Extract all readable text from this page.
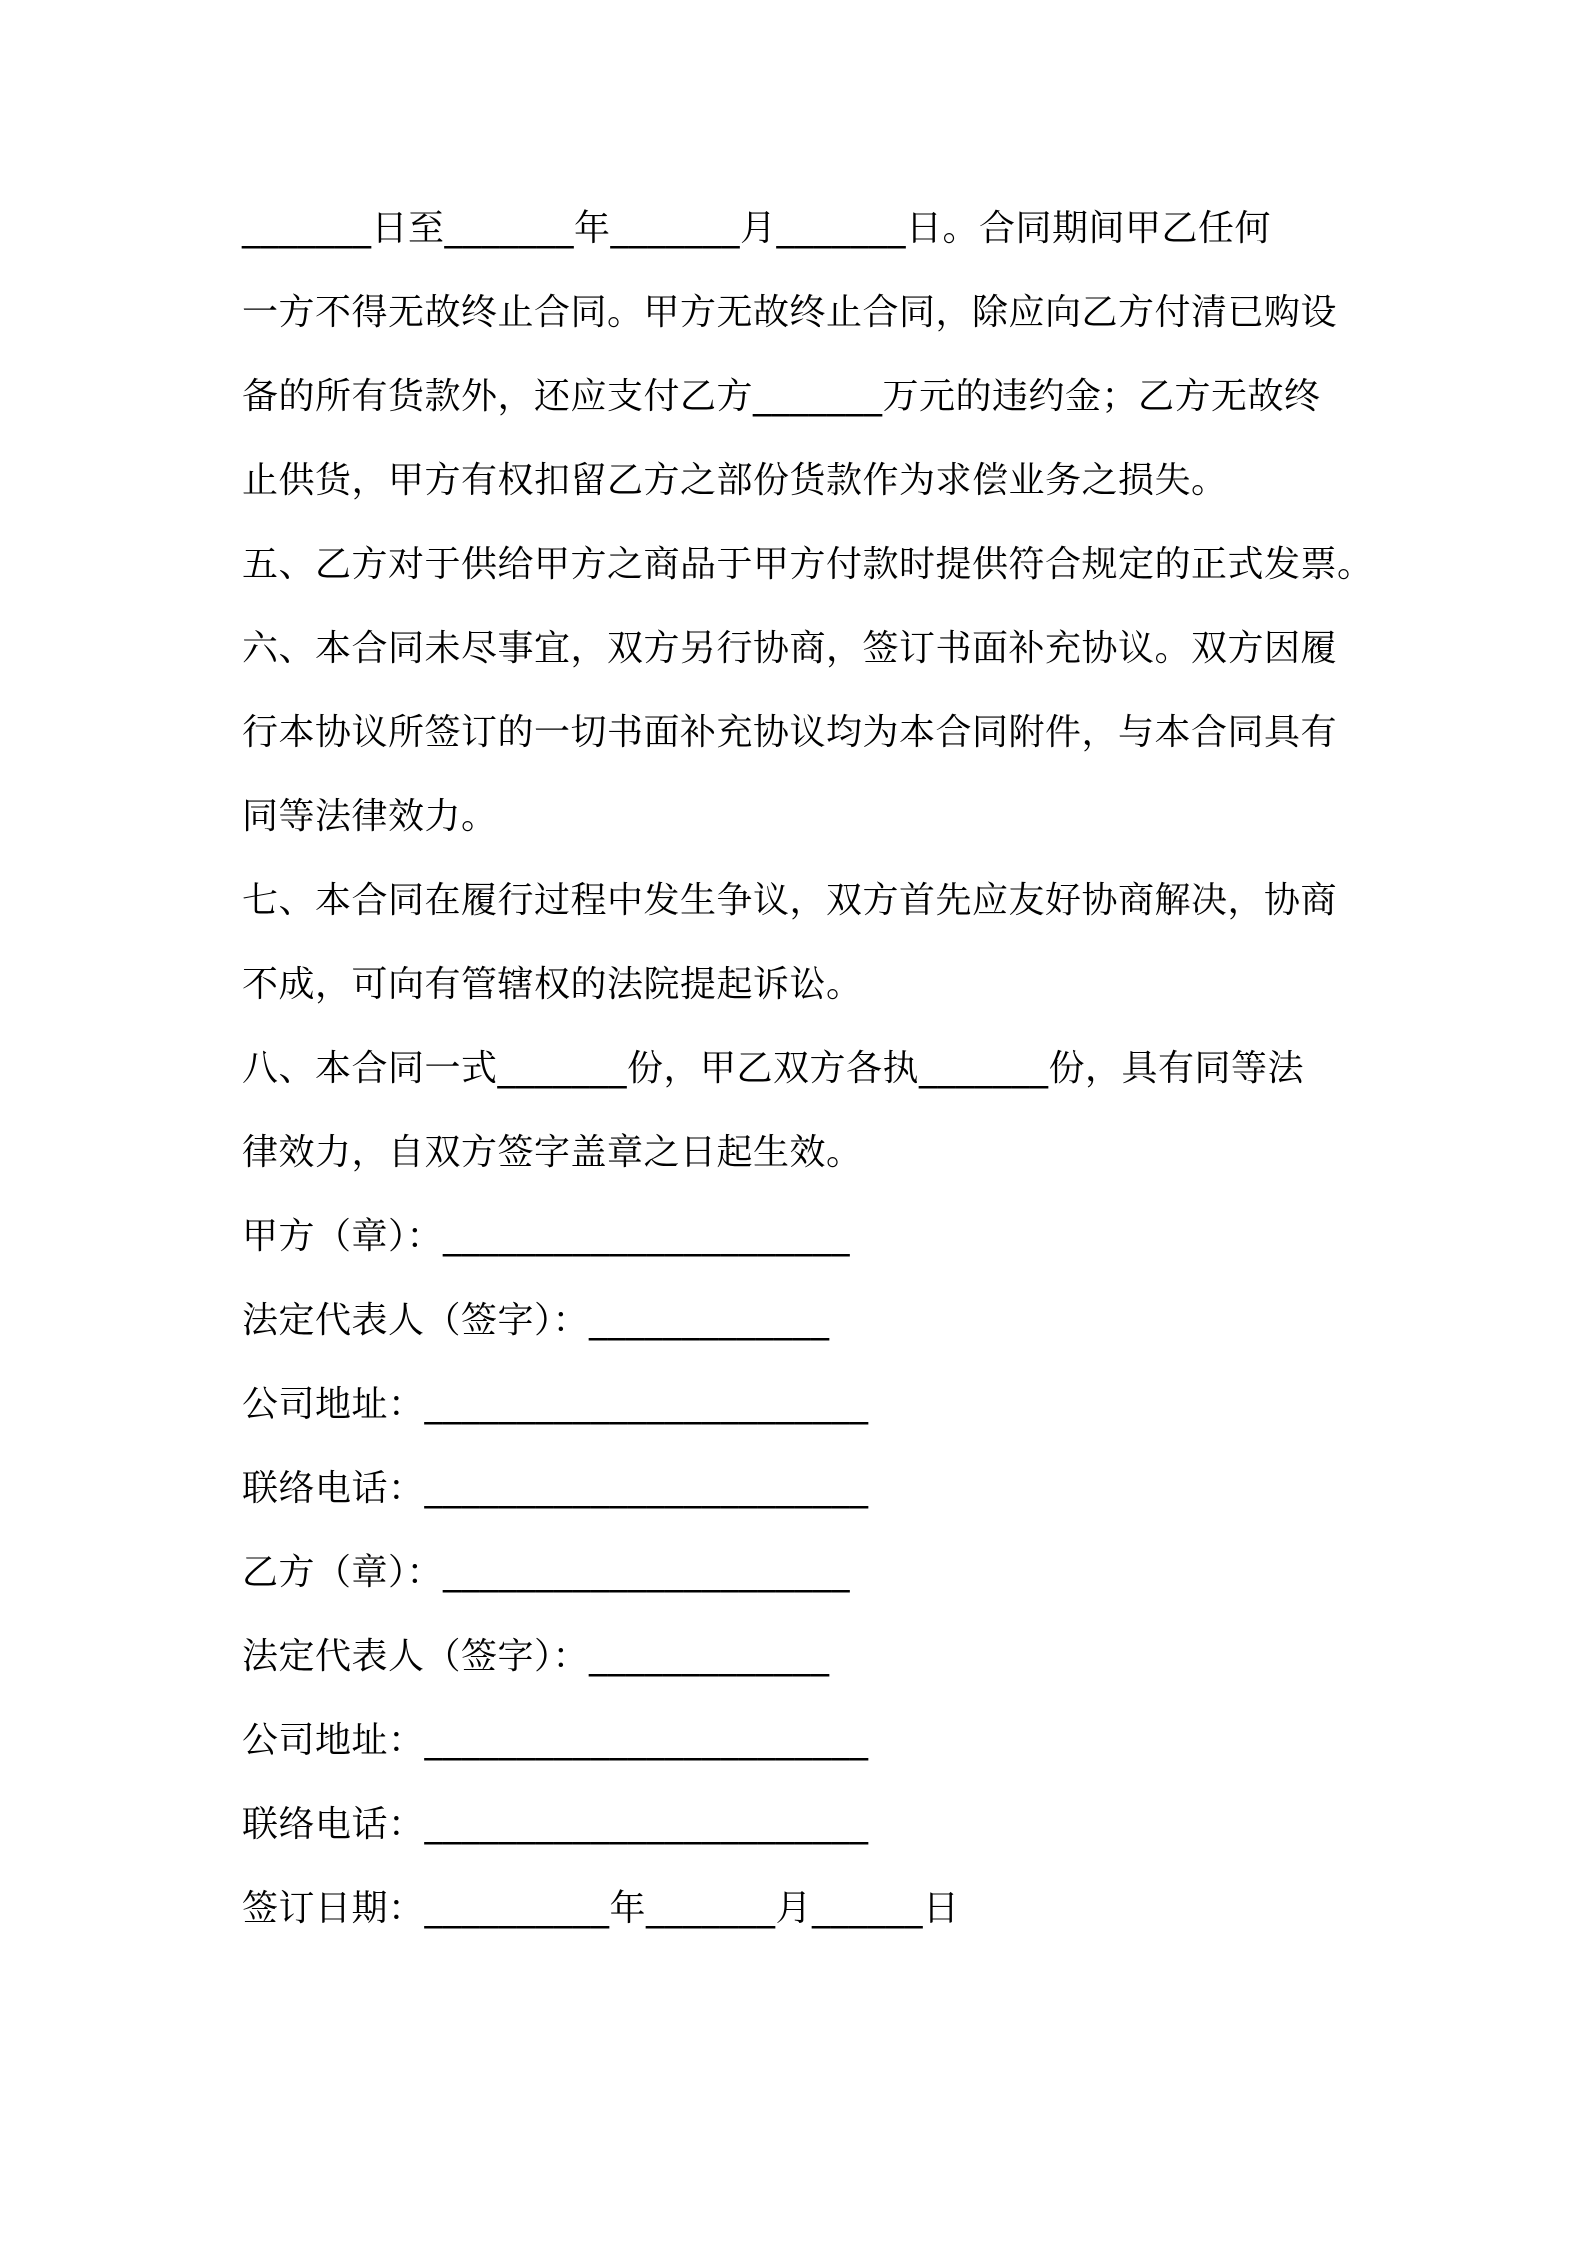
_______日至_______年_______月_______日。合同期间甲乙任何
一方不得无故终止合同。甲方无故终止合同，除应向乙方付清已购设
备的所有货款外，还应支付乙方_______万元的违约金；乙方无故终
止供货，甲方有权扣留乙方之部份货款作为求偿业务之损失。
五、乙方对于供给甲方之商品于甲方付款时提供符合规定的正式发票。
六、本合同未尽事宜，双方另行协商，签订书面补充协议。双方因履
行本协议所签订的一切书面补充协议均为本合同附件，与本合同具有
同等法律效力。
七、本合同在履行过程中发生争议，双方首先应友好协商解决，协商
不成，可向有管辖权的法院提起诉讼。
八、本合同一式_______份，甲乙双方各执_______份，具有同等法
律效力，自双方签字盖章之日起生效。
甲方（章）：______________________
法定代表人（签字）：_____________
公司地址：________________________
联络电话：________________________
乙方（章）：______________________
法定代表人（签字）：_____________
公司地址：________________________
联络电话：________________________
签订日期：__________年_______月______日
